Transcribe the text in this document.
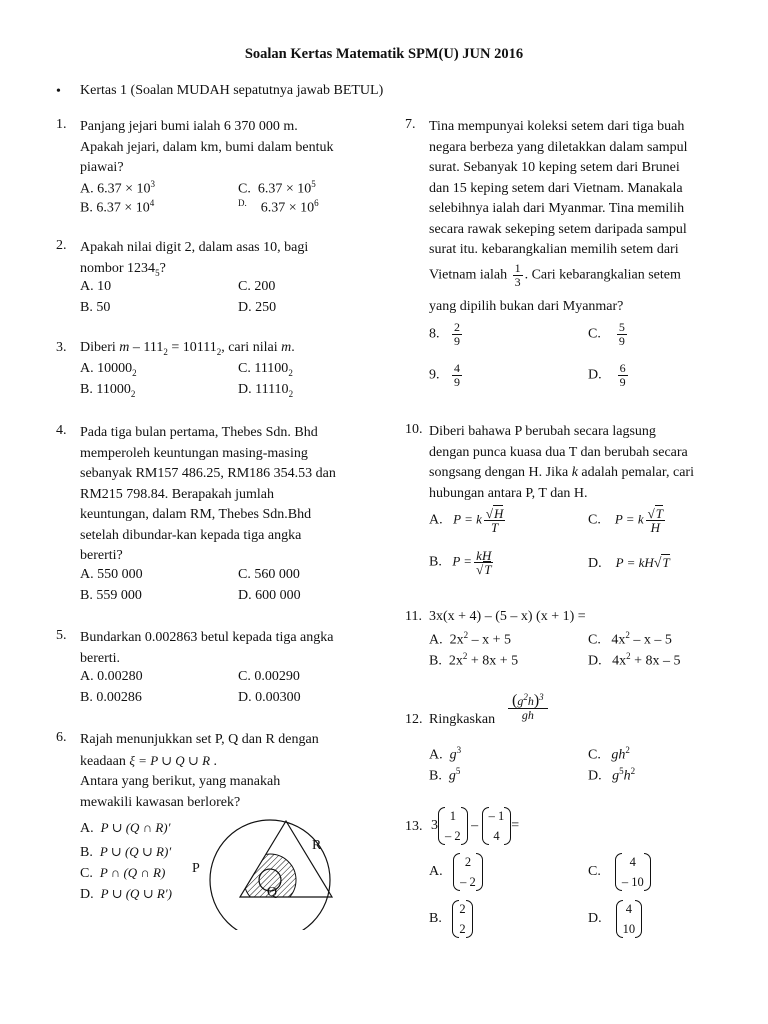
Soalan Kertas Matematik SPM(U) JUN 2016
• Kertas 1 (Soalan MUDAH sepatutnya jawab BETUL)
1. Panjang jejari bumi ialah 6 370 000 m.
Apakah jejari, dalam km, bumi dalam bentuk
piawai?
A. $6.37 \times 10^3$
B. $6.37 \times 10^4$
C. $6.37 \times 10^5$
$^{D.}$ $6.37 \times 10^6$
2. Apakah nilai digit 2, dalam asas 10, bagi
nombor $1234_5$?
A. 10
B. 50
C. 200
D. 250
3. Diberi $m - 111_2 = 10111_2$, cari nilai m.
A. $10000_2$
B. $11000_2$
C. $11100_2$
D. $11110_2$
4. Pada tiga bulan pertama, Thebes Sdn. Bhd
memperoleh keuntungan masing-masing
sebanyak RM157 486.25, RM186 354.53 dan
RM215 798.84. Berapakah jumlah
keuntungan, dalam RM, Thebes Sdn.Bhd
setelah dibundar-kan kepada tiga angka
bererti?
A. 550 000
B. 559 000
C. 560 000
D. 600 000
5. Bundarkan 0.002863 betul kepada tiga angka
bererti.
A. 0.00280
B. 0.00286
C. 0.00290
D. 0.00300
6. Rajah menunjukkan set P, Q dan R dengan
keadaan ξ = P ∪ Q ∪ R .
Antara yang berikut, yang manakah
mewakili kawasan berlorek?
A. P ∪ (Q ∩ R)′
B. P ∪ (Q ∪ R)′
C. P ∩ (Q ∩ R)
D. P ∪ (Q ∪ R′)
P
Q
R
7. Tina mempunyai koleksi setem dari tiga buah
negara berbeza yang diletakkan dalam sampul
surat. Sebanyak 10 keping setem dari Brunei
dan 15 keping setem dari Vietnam. Manakala
selebihnya ialah dari Myanmar. Tina memilih
secara rawak sekeping setem daripada sampul
surat itu. kebarangkalian memilih setem dari
Vietnam ialah $\frac{1}{3}$ . Cari kebarangkalian setem
yang dipilih bukan dari Myanmar?
8. $\frac{2}{9}$
9. $\frac{4}{9}$
C. $\frac{5}{9}$
D. $\frac{6}{9}$
10. Diberi bahawa P berubah secara lagsung
dengan punca kuasa dua T dan berubah secara
songsang dengan H. Jika k adalah pemalar, cari
hubungan antara P, T dan H.
A. P = k $\frac{√H}{T}$
B. $P = \frac{kH}{√T}$
C. P = k $\frac{√T}{H}$
D. P = kH√T
11. 3x(x + 4) – (5 – x) (x + 1) =
A. $2x^2 - x + 5$
B. $2x^2 + 8x + 5$
C. $4x^2$ – x – 5
D. $4x^2 + 8x - 5$
12. Ringkaskan $\frac{(g^2h)^3}{gh}$
A. $g^3$
B. $g^5$
C. $gh^2$
D. $g^5h^2$
13. 3
1
– 2
–
– 1
4
=
A.
2
– 2
B.
2
2
C.
4
– 10
D.
4
10
